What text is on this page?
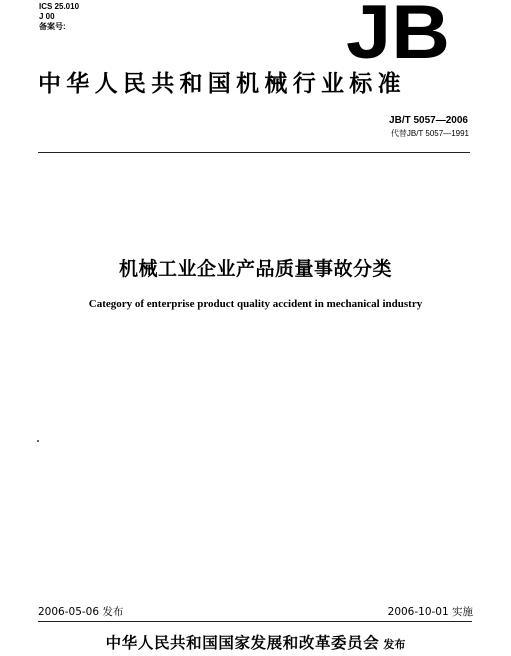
ICS 25.010
J 00
备案号:	JB
中华人民共和国机械行业标准
JB/T 5057—2006
代替JB/T 5057—1991
机械工业企业产品质量事故分类
Category of enterprise product quality accident in mechanical industry
2006-05-06 发布	2006-10-01 实施
中华人民共和国国家发展和改革委员会 发布
